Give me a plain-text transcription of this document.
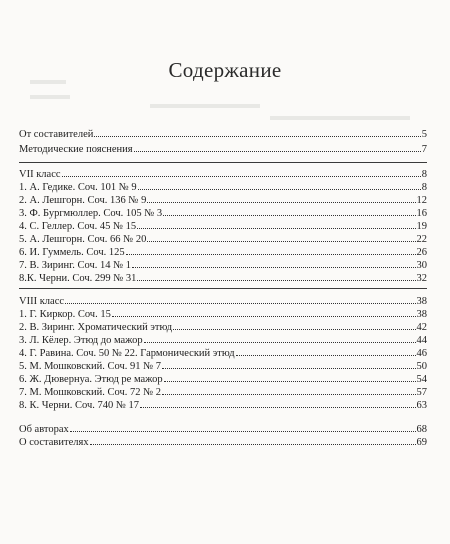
Содержание
От составителей	5
Методические пояснения	7
VII класс	8
1. А. Гедике. Соч. 101 № 9	8
2. А. Лешгорн. Соч. 136 № 9	12
3. Ф. Бургмюллер. Соч. 105 № 3	16
4. С. Геллер. Соч. 45 № 15	19
5. А. Лешгорн. Соч. 66 № 20	22
6. И. Гуммель. Соч. 125	26
7. В. Зиринг. Соч. 14 № 1	30
8.К. Черни. Соч. 299 № 31	32
VIII класс	38
1. Г. Киркор. Соч. 15	38
2. В. Зиринг. Хроматический этюд	42
3. Л. Кёлер. Этюд до мажор	44
4. Г. Равина. Соч. 50 № 22. Гармонический этюд	46
5. М. Мошковский. Соч. 91 № 7	50
6. Ж. Дювернуа. Этюд ре мажор	54
7. М. Мошковский. Соч. 72 № 2	57
8. К. Черни. Соч. 740 № 17	63
Об авторах	68
О составителях	69
